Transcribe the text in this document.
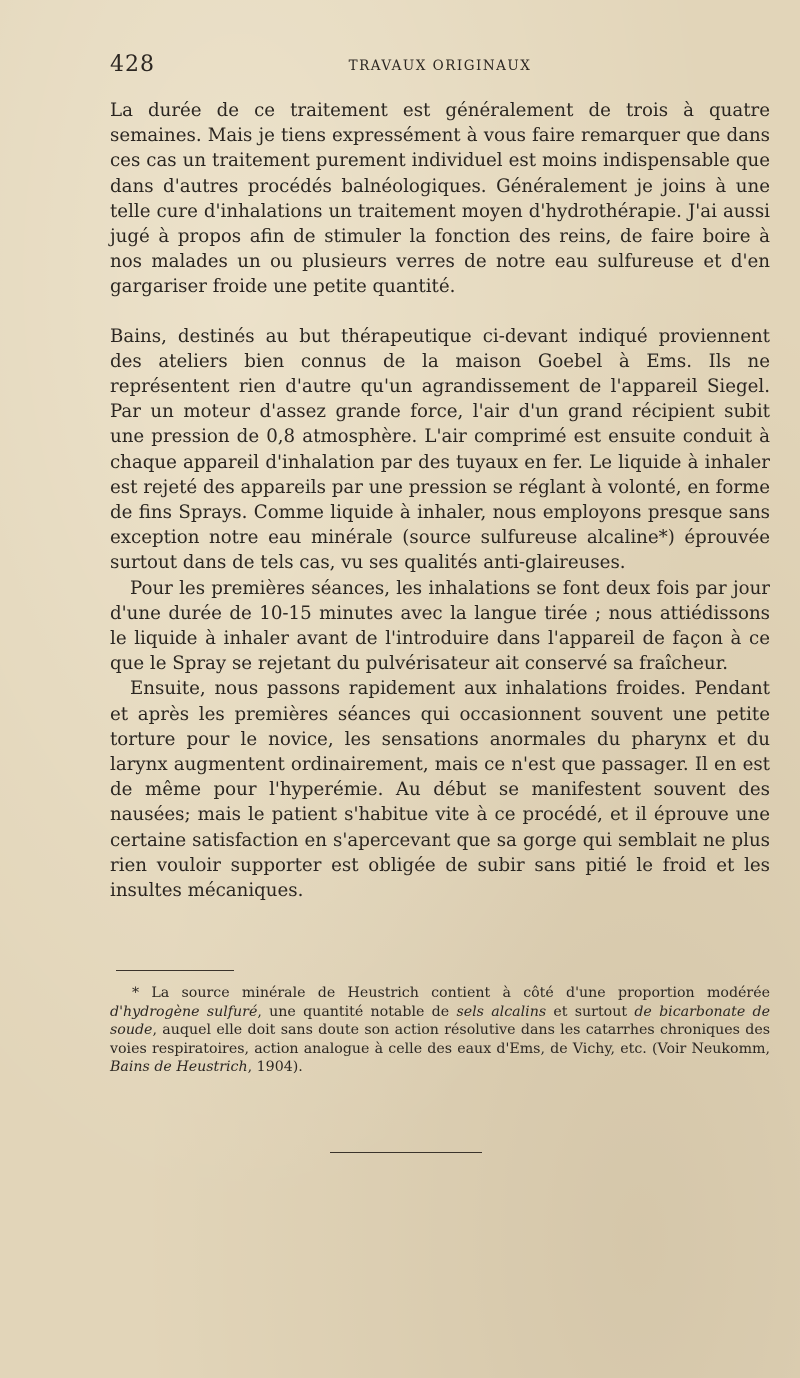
428	TRAVAUX ORIGINAUX

La durée de ce traitement est généralement de trois à quatre semaines. Mais je tiens expressément à vous faire remarquer que dans ces cas un traitement purement individuel est moins indispensable que dans d'autres procédés balnéologiques. Généralement je joins à une telle cure d'inhalations un traitement moyen d'hydrothérapie. J'ai aussi jugé à propos afin de stimuler la fonction des reins, de faire boire à nos malades un ou plusieurs verres de notre eau sulfureuse et d'en gargariser froide une petite quantité.

Bains, destinés au but thérapeutique ci-devant indiqué proviennent des ateliers bien connus de la maison Goebel à Ems. Ils ne représentent rien d'autre qu'un agrandissement de l'appareil Siegel. Par un moteur d'assez grande force, l'air d'un grand récipient subit une pression de 0,8 atmosphère. L'air comprimé est ensuite conduit à chaque appareil d'inhalation par des tuyaux en fer. Le liquide à inhaler est rejeté des appareils par une pression se réglant à volonté, en forme de fins Sprays. Comme liquide à inhaler, nous employons presque sans exception notre eau minérale (source sulfureuse alcaline*) éprouvée surtout dans de tels cas, vu ses qualités anti-glaireuses.

Pour les premières séances, les inhalations se font deux fois par jour d'une durée de 10-15 minutes avec la langue tirée ; nous attiédissons le liquide à inhaler avant de l'introduire dans l'appareil de façon à ce que le Spray se rejetant du pulvérisateur ait conservé sa fraîcheur.

Ensuite, nous passons rapidement aux inhalations froides. Pendant et après les premières séances qui occasionnent souvent une petite torture pour le novice, les sensations anormales du pharynx et du larynx augmentent ordinairement, mais ce n'est que passager. Il en est de même pour l'hyperémie. Au début se manifestent souvent des nausées; mais le patient s'habitue vite à ce procédé, et il éprouve une certaine satisfaction en s'apercevant que sa gorge qui semblait ne plus rien vouloir supporter est obligée de subir sans pitié le froid et les insultes mécaniques.

* La source minérale de Heustrich contient à côté d'une proportion modérée d'hydrogène sulfuré, une quantité notable de sels alcalins et surtout de bicarbonate de soude, auquel elle doit sans doute son action résolutive dans les catarrhes chroniques des voies respiratoires, action analogue à celle des eaux d'Ems, de Vichy, etc. (Voir Neukomm, Bains de Heustrich, 1904).
